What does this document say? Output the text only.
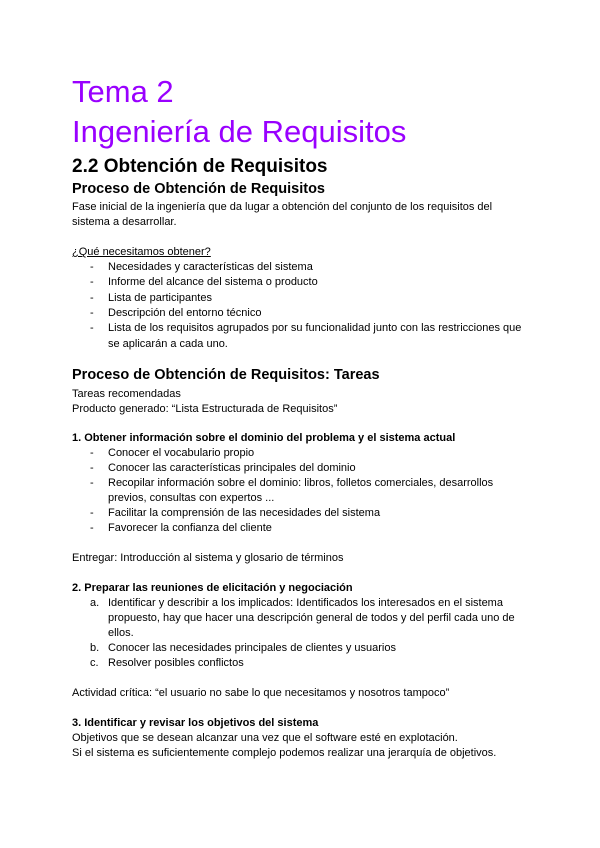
Tema 2
Ingeniería de Requisitos
2.2 Obtención de Requisitos
Proceso de Obtención de Requisitos
Fase inicial de la ingeniería que da lugar a obtención del conjunto de los requisitos del
sistema a desarrollar.
¿Qué necesitamos obtener?
- Necesidades y características del sistema
- Informe del alcance del sistema o producto
- Lista de participantes
- Descripción del entorno técnico
- Lista de los requisitos agrupados por su funcionalidad junto con las restricciones que
se aplicarán a cada uno.
Proceso de Obtención de Requisitos: Tareas
Tareas recomendadas
Producto generado: “Lista Estructurada de Requisitos”
1. Obtener información sobre el dominio del problema y el sistema actual
- Conocer el vocabulario propio
- Conocer las características principales del dominio
- Recopilar información sobre el dominio: libros, folletos comerciales, desarrollos
previos, consultas con expertos ...
- Facilitar la comprensión de las necesidades del sistema
- Favorecer la confianza del cliente
Entregar: Introducción al sistema y glosario de términos
2. Preparar las reuniones de elicitación y negociación
a. Identificar y describir a los implicados: Identificados los interesados en el sistema
propuesto, hay que hacer una descripción general de todos y del perfil cada uno de
ellos.
b. Conocer las necesidades principales de clientes y usuarios
c. Resolver posibles conflictos
Actividad crítica: “el usuario no sabe lo que necesitamos y nosotros tampoco”
3. Identificar y revisar los objetivos del sistema
Objetivos que se desean alcanzar una vez que el software esté en explotación.
Si el sistema es suficientemente complejo podemos realizar una jerarquía de objetivos.
